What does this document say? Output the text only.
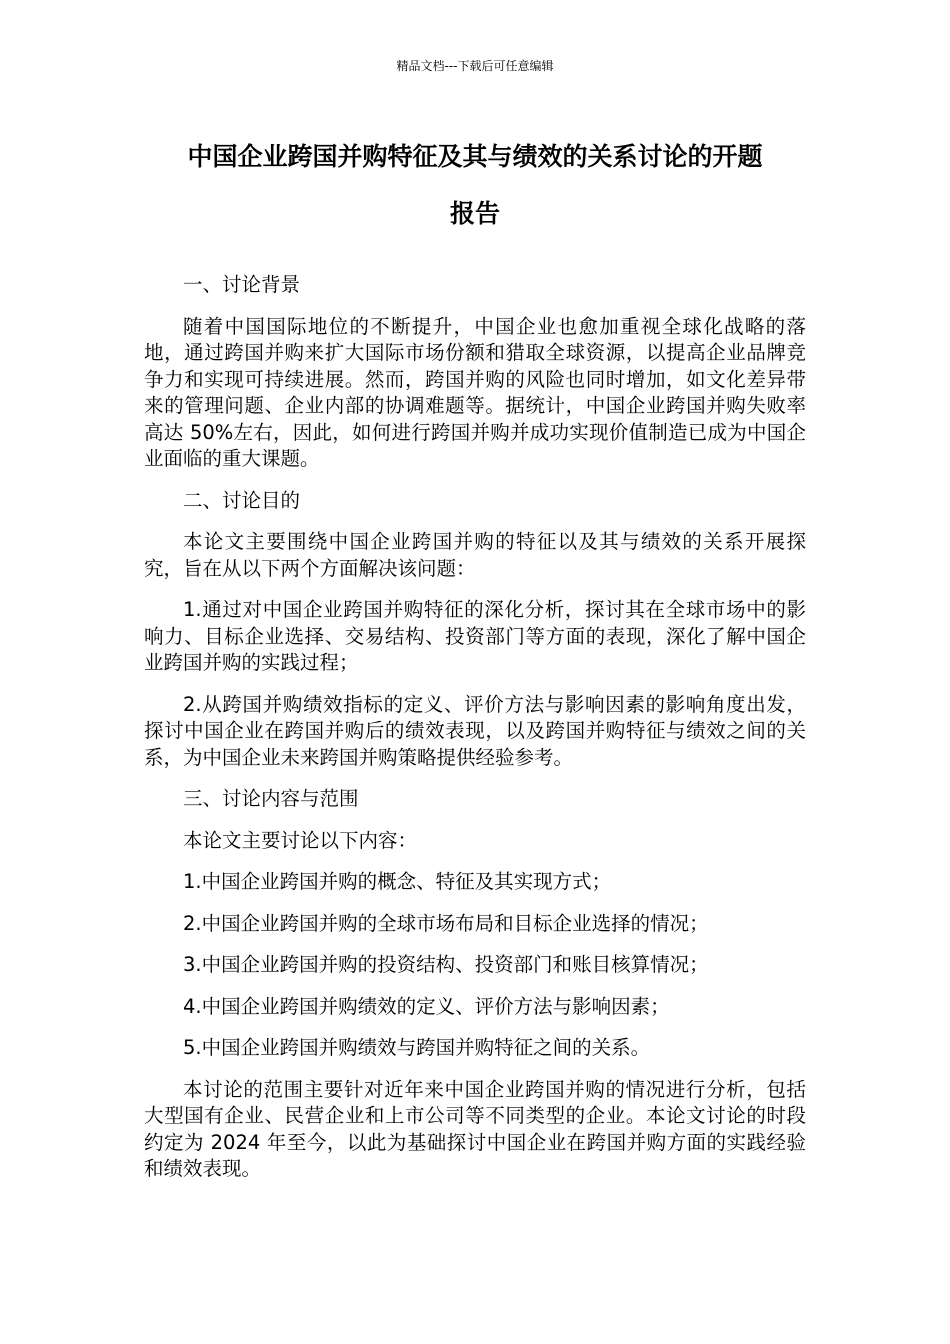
精品文档---下载后可任意编辑
中国企业跨国并购特征及其与绩效的关系讨论的开题
报告

一、讨论背景

随着中国国际地位的不断提升，中国企业也愈加重视全球化战略的落地，通过跨国并购来扩大国际市场份额和猎取全球资源，以提高企业品牌竞争力和实现可持续进展。然而，跨国并购的风险也同时增加，如文化差异带来的管理问题、企业内部的协调难题等。据统计，中国企业跨国并购失败率高达 50%左右，因此，如何进行跨国并购并成功实现价值制造已成为中国企业面临的重大课题。

二、讨论目的

本论文主要围绕中国企业跨国并购的特征以及其与绩效的关系开展探究，旨在从以下两个方面解决该问题：

1.通过对中国企业跨国并购特征的深化分析，探讨其在全球市场中的影响力、目标企业选择、交易结构、投资部门等方面的表现，深化了解中国企业跨国并购的实践过程；

2.从跨国并购绩效指标的定义、评价方法与影响因素的影响角度出发，探讨中国企业在跨国并购后的绩效表现，以及跨国并购特征与绩效之间的关系，为中国企业未来跨国并购策略提供经验参考。

三、讨论内容与范围

本论文主要讨论以下内容：

1.中国企业跨国并购的概念、特征及其实现方式；

2.中国企业跨国并购的全球市场布局和目标企业选择的情况；

3.中国企业跨国并购的投资结构、投资部门和账目核算情况；

4.中国企业跨国并购绩效的定义、评价方法与影响因素；

5.中国企业跨国并购绩效与跨国并购特征之间的关系。

本讨论的范围主要针对近年来中国企业跨国并购的情况进行分析，包括大型国有企业、民营企业和上市公司等不同类型的企业。本论文讨论的时段约定为 2024 年至今，以此为基础探讨中国企业在跨国并购方面的实践经验和绩效表现。
